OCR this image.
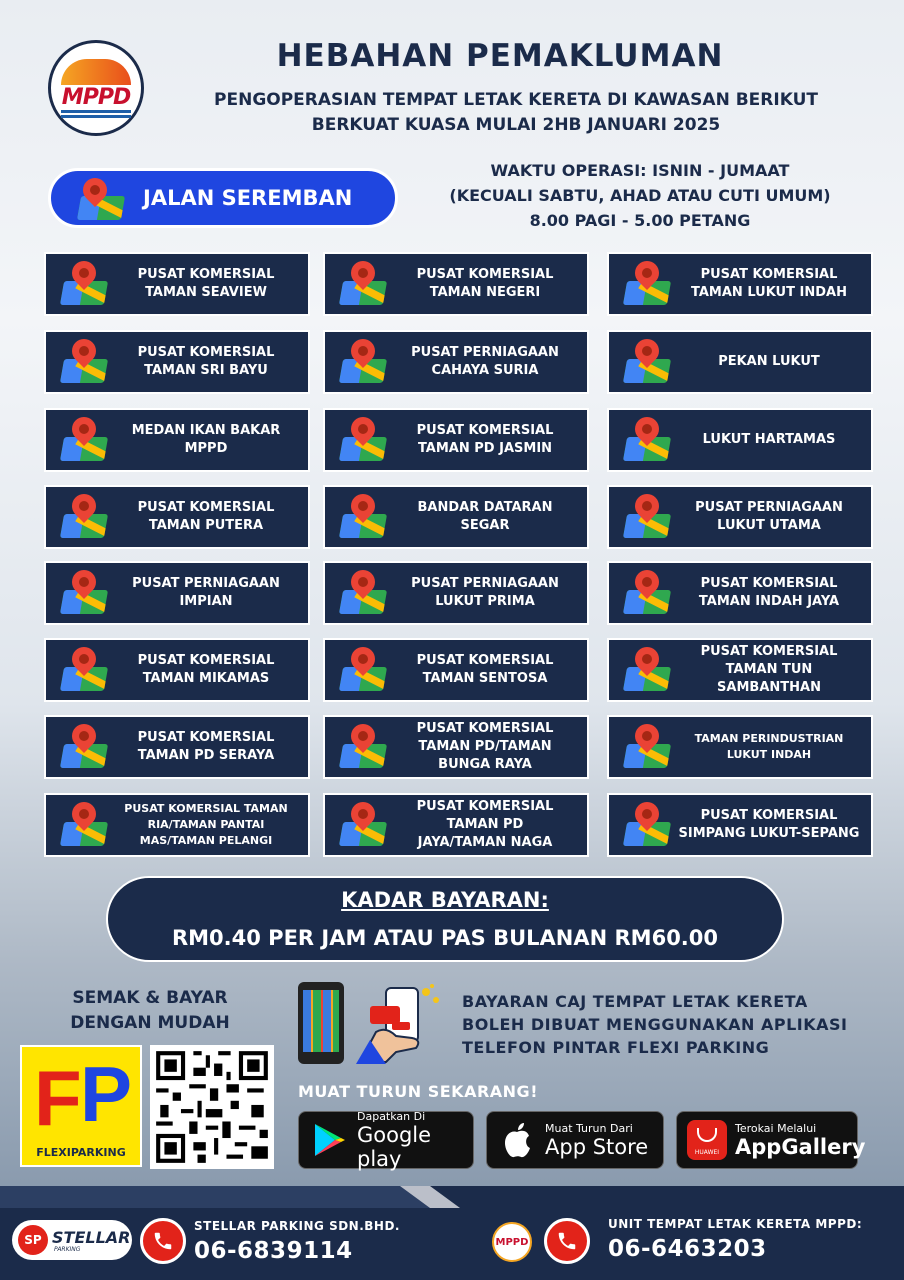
MPPD
HEBAHAN PEMAKLUMAN
PENGOPERASIAN TEMPAT LETAK KERETA DI KAWASAN BERIKUT
BERKUAT KUASA MULAI 2HB JANUARI 2025
JALAN SEREMBAN
WAKTU OPERASI: ISNIN - JUMAAT
(KECUALI SABTU, AHAD ATAU CUTI UMUM)
8.00 PAGI - 5.00 PETANG
PUSAT KOMERSIAL
TAMAN SEAVIEW
PUSAT KOMERSIAL
TAMAN SRI BAYU
MEDAN IKAN BAKAR
MPPD
PUSAT KOMERSIAL
TAMAN PUTERA
PUSAT PERNIAGAAN
IMPIAN
PUSAT KOMERSIAL
TAMAN MIKAMAS
PUSAT KOMERSIAL
TAMAN PD SERAYA
PUSAT KOMERSIAL TAMAN
RIA/TAMAN PANTAI
MAS/TAMAN PELANGI
PUSAT KOMERSIAL
TAMAN NEGERI
PUSAT PERNIAGAAN
CAHAYA SURIA
PUSAT KOMERSIAL
TAMAN PD JASMIN
BANDAR DATARAN
SEGAR
PUSAT PERNIAGAAN
LUKUT PRIMA
PUSAT KOMERSIAL
TAMAN SENTOSA
PUSAT KOMERSIAL
TAMAN PD/TAMAN
BUNGA RAYA
PUSAT KOMERSIAL
TAMAN PD
JAYA/TAMAN NAGA
PUSAT KOMERSIAL
TAMAN LUKUT INDAH
PEKAN LUKUT
LUKUT HARTAMAS
PUSAT PERNIAGAAN
LUKUT UTAMA
PUSAT KOMERSIAL
TAMAN INDAH JAYA
PUSAT KOMERSIAL
TAMAN TUN
SAMBANTHAN
TAMAN PERINDUSTRIAN
LUKUT INDAH
PUSAT KOMERSIAL
SIMPANG LUKUT-SEPANG
KADAR BAYARAN:
RM0.40 PER JAM ATAU PAS BULANAN RM60.00
SEMAK & BAYAR
DENGAN MUDAH
F
P
FLEXIPARKING
BAYARAN CAJ TEMPAT LETAK KERETA
BOLEH DIBUAT MENGGUNAKAN APLIKASI
TELEFON PINTAR FLEXI PARKING
MUAT TURUN SEKARANG!
Dapatkan Di
Google play
Muat Turun Dari
App Store	HUAWEI
Terokai Melalui
AppGallery
SP STELLAR
PARKING
STELLAR PARKING SDN.BHD.
06-6839114	MPPD
UNIT TEMPAT LETAK KERETA MPPD:
06-6463203
